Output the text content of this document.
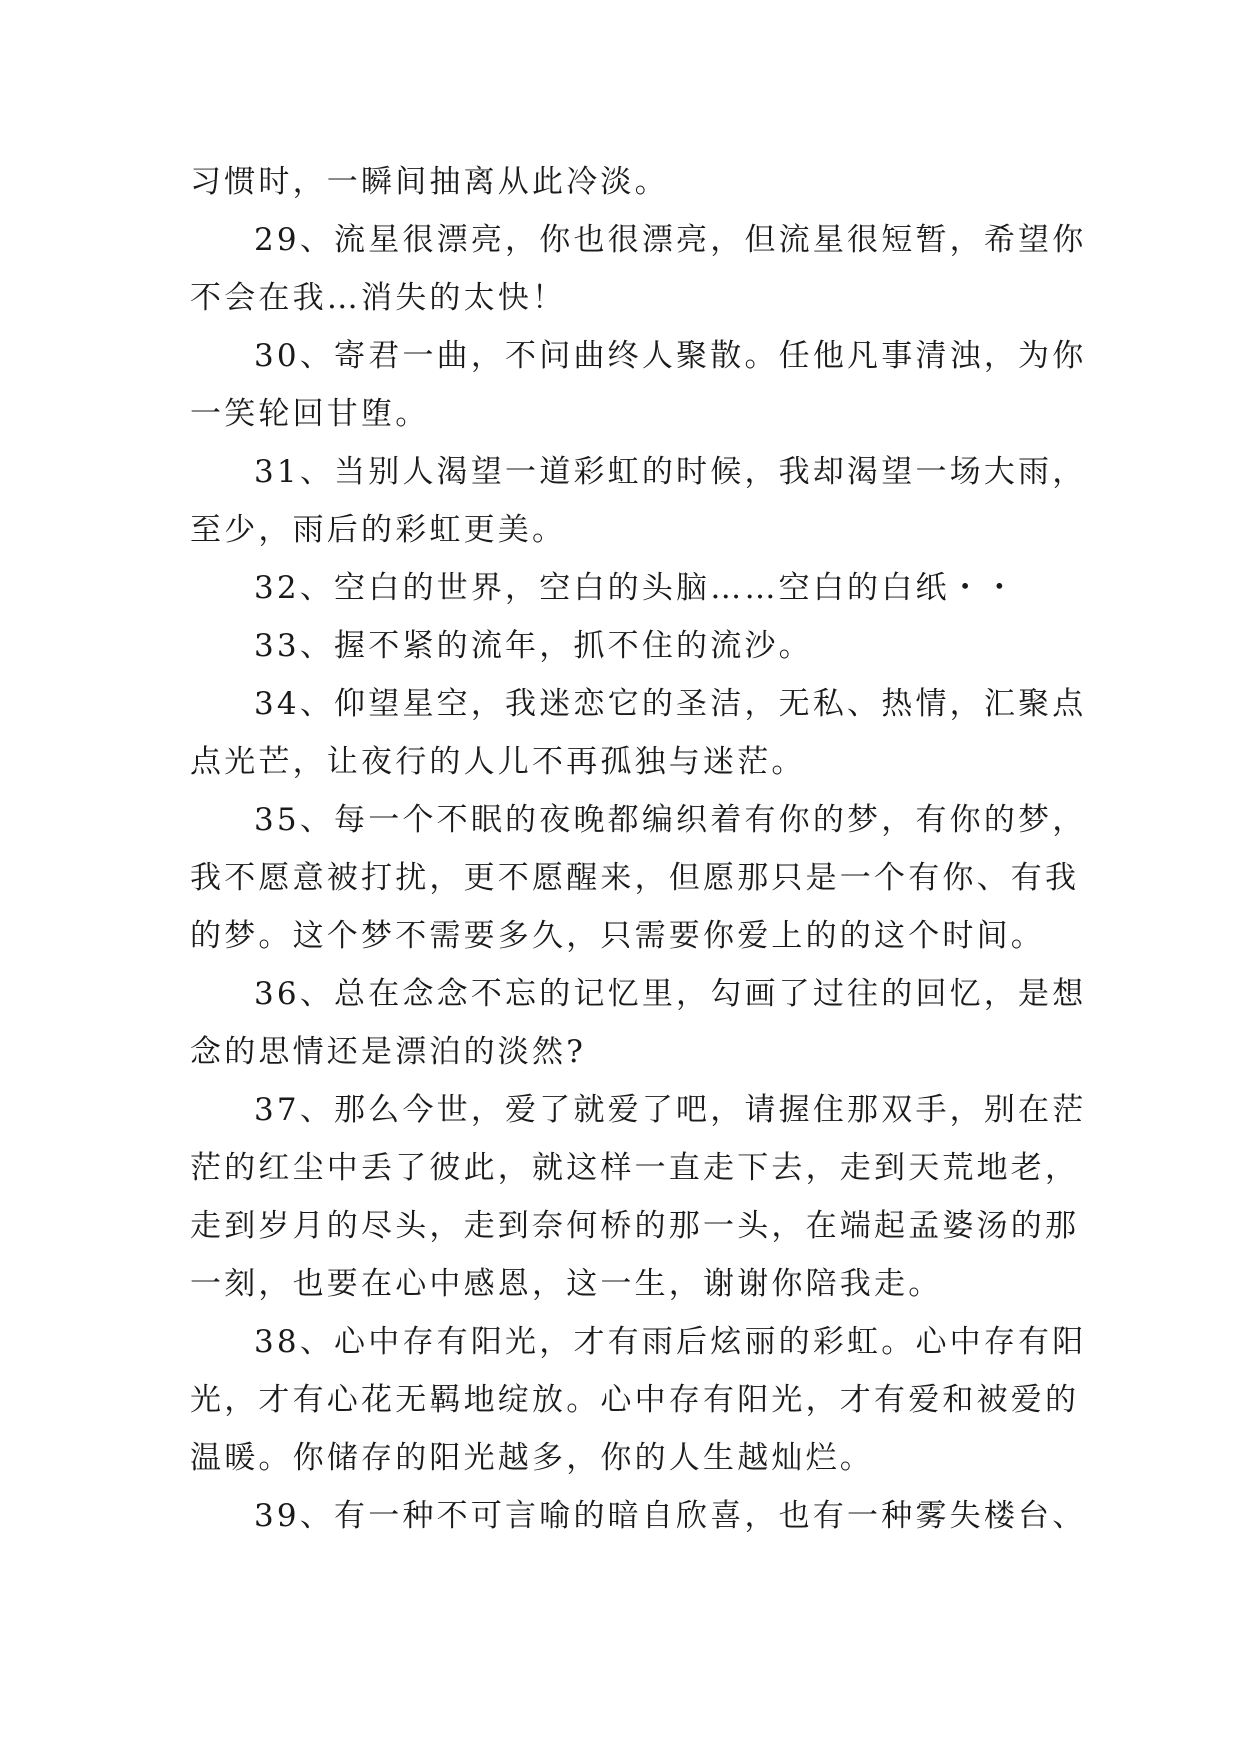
习惯时，一瞬间抽离从此冷淡。
29、流星很漂亮，你也很漂亮，但流星很短暂，希望你
不会在我…消失的太快！
30、寄君一曲，不问曲终人聚散。任他凡事清浊，为你
一笑轮回甘堕。
31、当别人渴望一道彩虹的时候，我却渴望一场大雨，
至少，雨后的彩虹更美。
32、空白的世界，空白的头脑……空白的白纸・・
33、握不紧的流年，抓不住的流沙。
34、仰望星空，我迷恋它的圣洁，无私、热情，汇聚点
点光芒，让夜行的人儿不再孤独与迷茫。
35、每一个不眠的夜晚都编织着有你的梦，有你的梦，
我不愿意被打扰，更不愿醒来，但愿那只是一个有你、有我
的梦。这个梦不需要多久，只需要你爱上的的这个时间。
36、总在念念不忘的记忆里，勾画了过往的回忆，是想
念的思情还是漂泊的淡然?
37、那么今世，爱了就爱了吧，请握住那双手，别在茫
茫的红尘中丢了彼此，就这样一直走下去，走到天荒地老，
走到岁月的尽头，走到奈何桥的那一头，在端起孟婆汤的那
一刻，也要在心中感恩，这一生，谢谢你陪我走。
38、心中存有阳光，才有雨后炫丽的彩虹。心中存有阳
光，才有心花无羁地绽放。心中存有阳光，才有爱和被爱的
温暖。你储存的阳光越多，你的人生越灿烂。
39、有一种不可言喻的暗自欣喜，也有一种雾失楼台、
